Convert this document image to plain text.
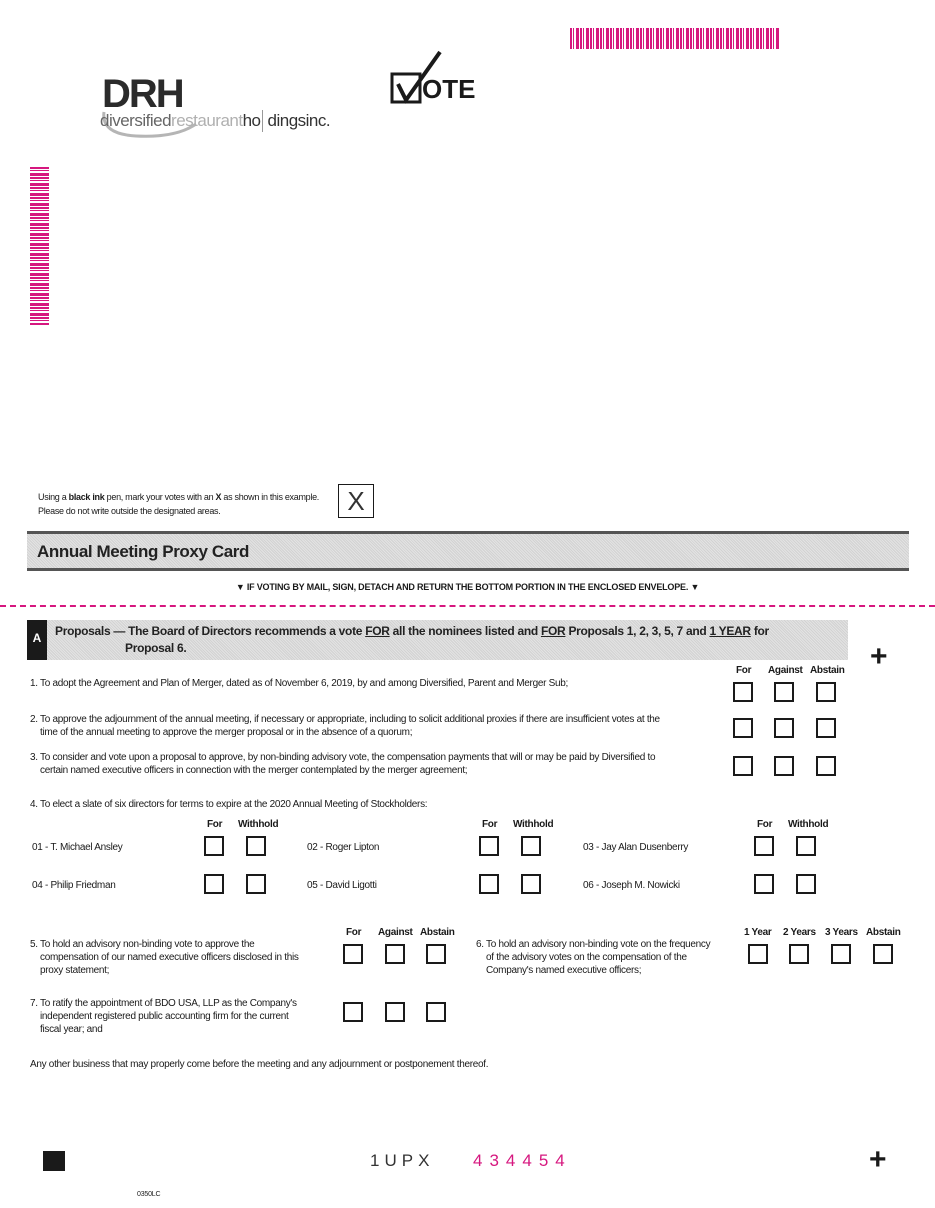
DRH
diversifiedrestaurantho dingsinc.
OTE
Using a black ink pen, mark your votes with an X as shown in this example.
Please do not write outside the designated areas.	X
Annual Meeting Proxy Card
▼ IF VOTING BY MAIL, SIGN, DETACH AND RETURN THE BOTTOM PORTION IN THE ENCLOSED ENVELOPE. ▼
A	Proposals — The Board of Directors recommends a vote FOR all the nominees listed and FOR Proposals 1, 2, 3, 5, 7 and 1 YEAR for
Proposal 6.	+
For Against Abstain
1. To adopt the Agreement and Plan of Merger, dated as of November 6, 2019, by and among Diversified, Parent and Merger Sub;
2. To approve the adjournment of the annual meeting, if necessary or appropriate, including to solicit additional proxies if there are insufficient votes at the
time of the annual meeting to approve the merger proposal or in the absence of a quorum;
3. To consider and vote upon a proposal to approve, by non-binding advisory vote, the compensation payments that will or may be paid by Diversified to
certain named executive officers in connection with the merger contemplated by the merger agreement;
4. To elect a slate of six directors for terms to expire at the 2020 Annual Meeting of Stockholders:
For Withhold	For Withhold	For Withhold
01 - T. Michael Ansley	02 - Roger Lipton	03 - Jay Alan Dusenberry
04 - Philip Friedman	05 - David Ligotti	06 - Joseph M. Nowicki
For Against Abstain
5. To hold an advisory non-binding vote to approve the
compensation of our named executive officers disclosed in this
proxy statement;
1 Year 2 Years 3 Years Abstain
6. To hold an advisory non-binding vote on the frequency
of the advisory votes on the compensation of the
Company's named executive officers;
7. To ratify the appointment of BDO USA, LLP as the Company's
independent registered public accounting firm for the current
fiscal year; and
Any other business that may properly come before the meeting and any adjournment or postponement thereof.
1UPX 434454	+
0350LC
